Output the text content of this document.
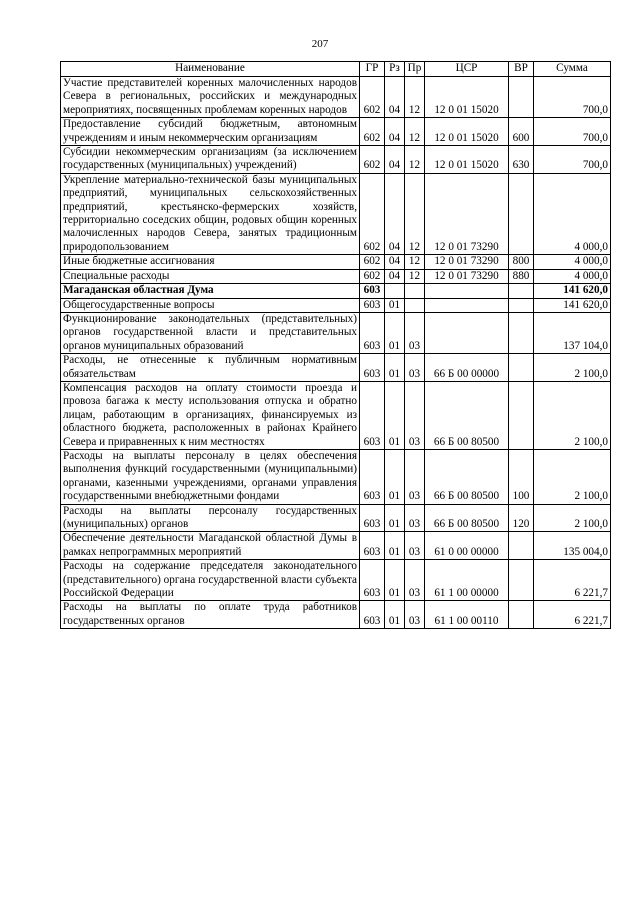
207
Наименование	ГР	Рз	Пр	ЦСР	ВР	Сумма
Участие представителей коренных малочисленных народов Севера в региональных, российских и международных мероприятиях, посвященных проблемам коренных народов	602	04	12	12 0 01 15020		700,0
Предоставление субсидий бюджетным, автономным учреждениям и иным некоммерческим организациям	602	04	12	12 0 01 15020	600	700,0
Субсидии некоммерческим организациям (за исключением государственных (муниципальных) учреждений)	602	04	12	12 0 01 15020	630	700,0
Укрепление материально-технической базы муниципальных предприятий, муниципальных сельскохозяйственных предприятий, крестьянско-фермерских хозяйств, территориально соседских общин, родовых общин коренных малочисленных народов Севера, занятых традиционным природопользованием	602	04	12	12 0 01 73290		4 000,0
Иные бюджетные ассигнования	602	04	12	12 0 01 73290	800	4 000,0
Специальные расходы	602	04	12	12 0 01 73290	880	4 000,0
Магаданская областная Дума	603					141 620,0
Общегосударственные вопросы	603	01				141 620,0
Функционирование законодательных (представительных) органов государственной власти и представительных органов муниципальных образований	603	01	03			137 104,0
Расходы, не отнесенные к публичным нормативным обязательствам	603	01	03	66 Б 00 00000		2 100,0
Компенсация расходов на оплату стоимости проезда и провоза багажа к месту использования отпуска и обратно лицам, работающим в организациях, финансируемых из областного бюджета, расположенных в районах Крайнего Севера и приравненных к ним местностях	603	01	03	66 Б 00 80500		2 100,0
Расходы на выплаты персоналу в целях обеспечения выполнения функций государственными (муниципальными) органами, казенными учреждениями, органами управления государственными внебюджетными фондами	603	01	03	66 Б 00 80500	100	2 100,0
Расходы на выплаты персоналу государственных (муниципальных) органов	603	01	03	66 Б 00 80500	120	2 100,0
Обеспечение деятельности Магаданской областной Думы в рамках непрограммных мероприятий	603	01	03	61 0 00 00000		135 004,0
Расходы на содержание председателя законодательного (представительного) органа государственной власти субъекта Российской Федерации	603	01	03	61 1 00 00000		6 221,7
Расходы на выплаты по оплате труда работников государственных органов	603	01	03	61 1 00 00110		6 221,7
